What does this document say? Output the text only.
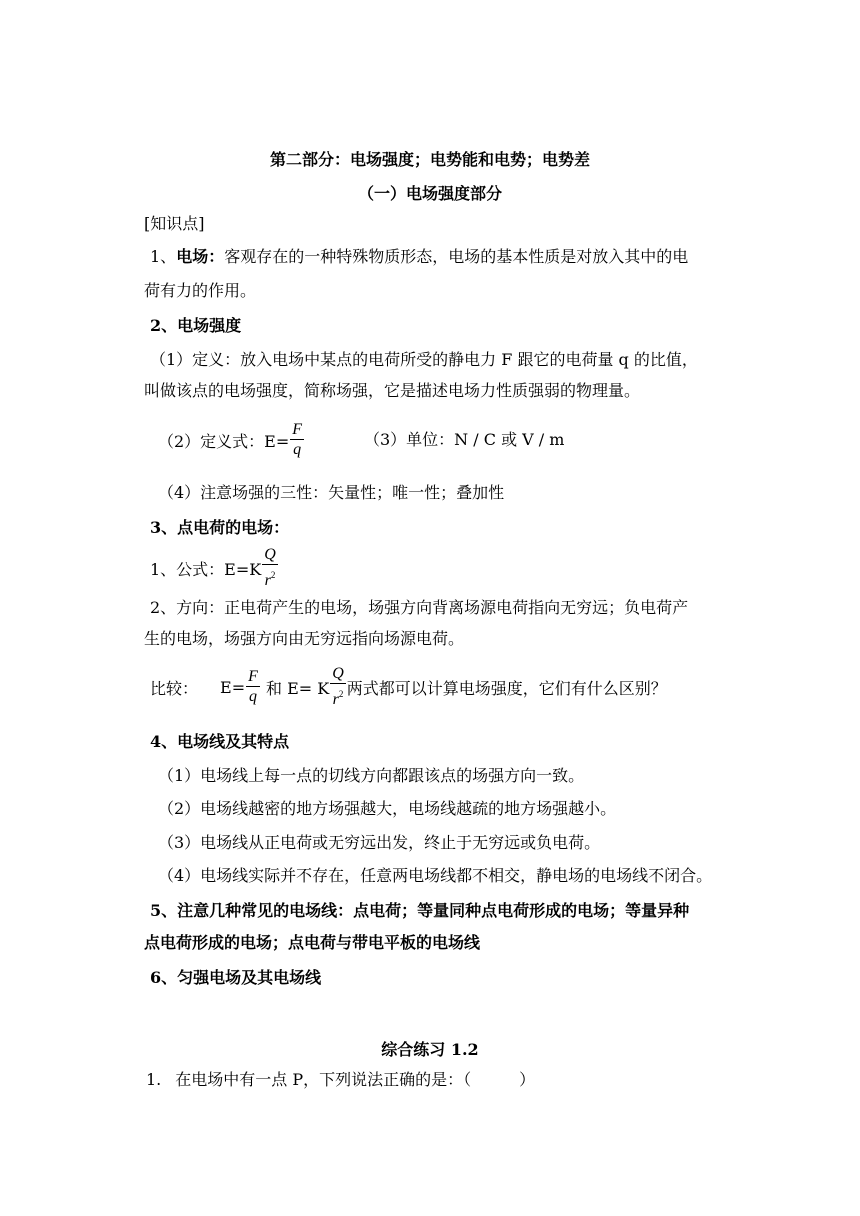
第二部分：电场强度；电势能和电势；电势差
（一）电场强度部分
[知识点]
1、电场：客观存在的一种特殊物质形态，电场的基本性质是对放入其中的电
荷有力的作用。
2、电场强度
（1）定义：放入电场中某点的电荷所受的静电力 F 跟它的电荷量 q 的比值，
叫做该点的电场强度，简称场强，它是描述电场力性质强弱的物理量。
（2）定义式：$E= \frac{F}{q}$	（3）单位：N / C 或 V / m
（4）注意场强的三性：矢量性；唯一性；叠加性
3、点电荷的电场：
1、公式：$E=K \frac{Q}{r^2}$
2、方向：正电荷产生的电场，场强方向背离场源电荷指向无穷远；负电荷产
生的电场，场强方向由无穷远指向场源电荷。
比较： $E= \frac{F}{q}$ 和 E= K $\frac{Q}{r^2}$ 两式都可以计算电场强度，它们有什么区别？
4、电场线及其特点
（1）电场线上每一点的切线方向都跟该点的场强方向一致。
（2）电场线越密的地方场强越大，电场线越疏的地方场强越小。
（3）电场线从正电荷或无穷远出发，终止于无穷远或负电荷。
（4）电场线实际并不存在，任意两电场线都不相交，静电场的电场线不闭合。
5、注意几种常见的电场线：点电荷；等量同种点电荷形成的电场；等量异种
点电荷形成的电场；点电荷与带电平板的电场线
6、匀强电场及其电场线
综合练习 1.2
1. 在电场中有一点 P，下列说法正确的是：（　　　）
